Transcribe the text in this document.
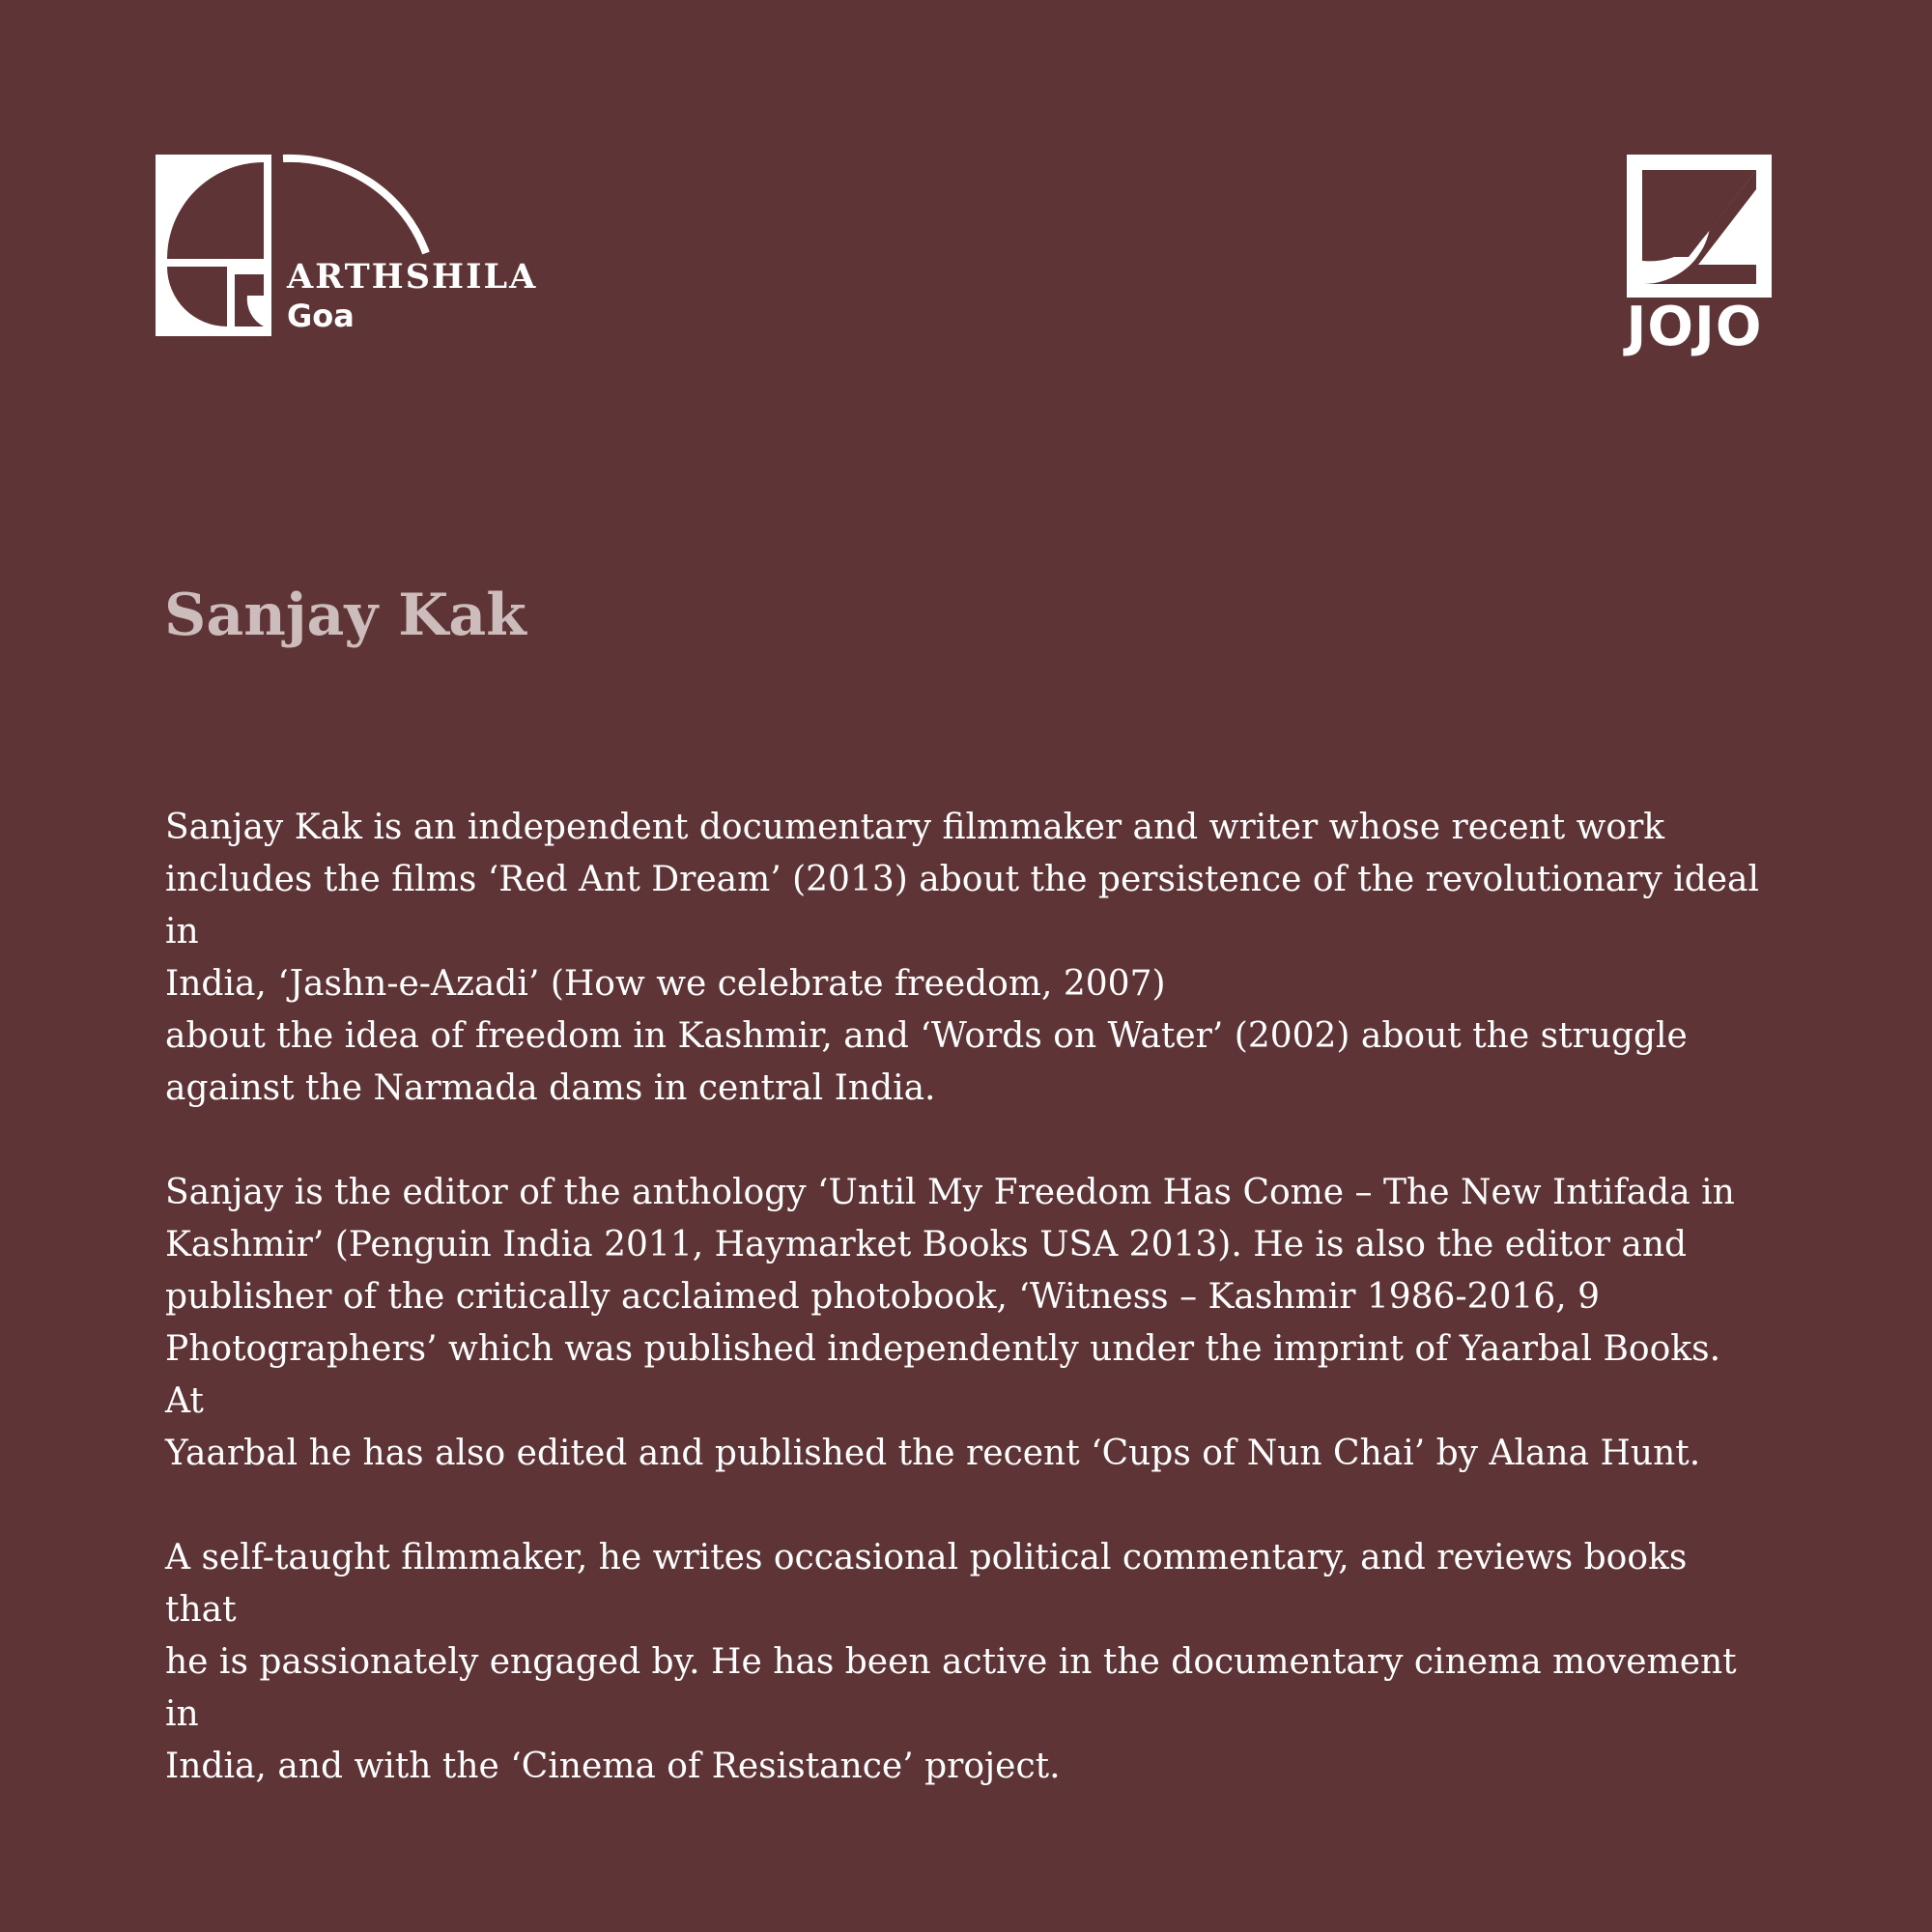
ARTHSHILA
Goa	JOJO
Sanjay Kak

Sanjay Kak is an independent documentary filmmaker and writer whose recent work
includes the films ‘Red Ant Dream’ (2013) about the persistence of the revolutionary ideal in
India, ‘Jashn-e-Azadi’ (How we celebrate freedom, 2007)
about the idea of freedom in Kashmir, and ‘Words on Water’ (2002) about the struggle
against the Narmada dams in central India.

Sanjay is the editor of the anthology ‘Until My Freedom Has Come – The New Intifada in
Kashmir’ (Penguin India 2011, Haymarket Books USA 2013). He is also the editor and
publisher of the critically acclaimed photobook, ‘Witness – Kashmir 1986-2016, 9
Photographers’ which was published independently under the imprint of Yaarbal Books. At
Yaarbal he has also edited and published the recent ‘Cups of Nun Chai’ by Alana Hunt.

A self-taught filmmaker, he writes occasional political commentary, and reviews books that
he is passionately engaged by. He has been active in the documentary cinema movement in
India, and with the ‘Cinema of Resistance’ project.
